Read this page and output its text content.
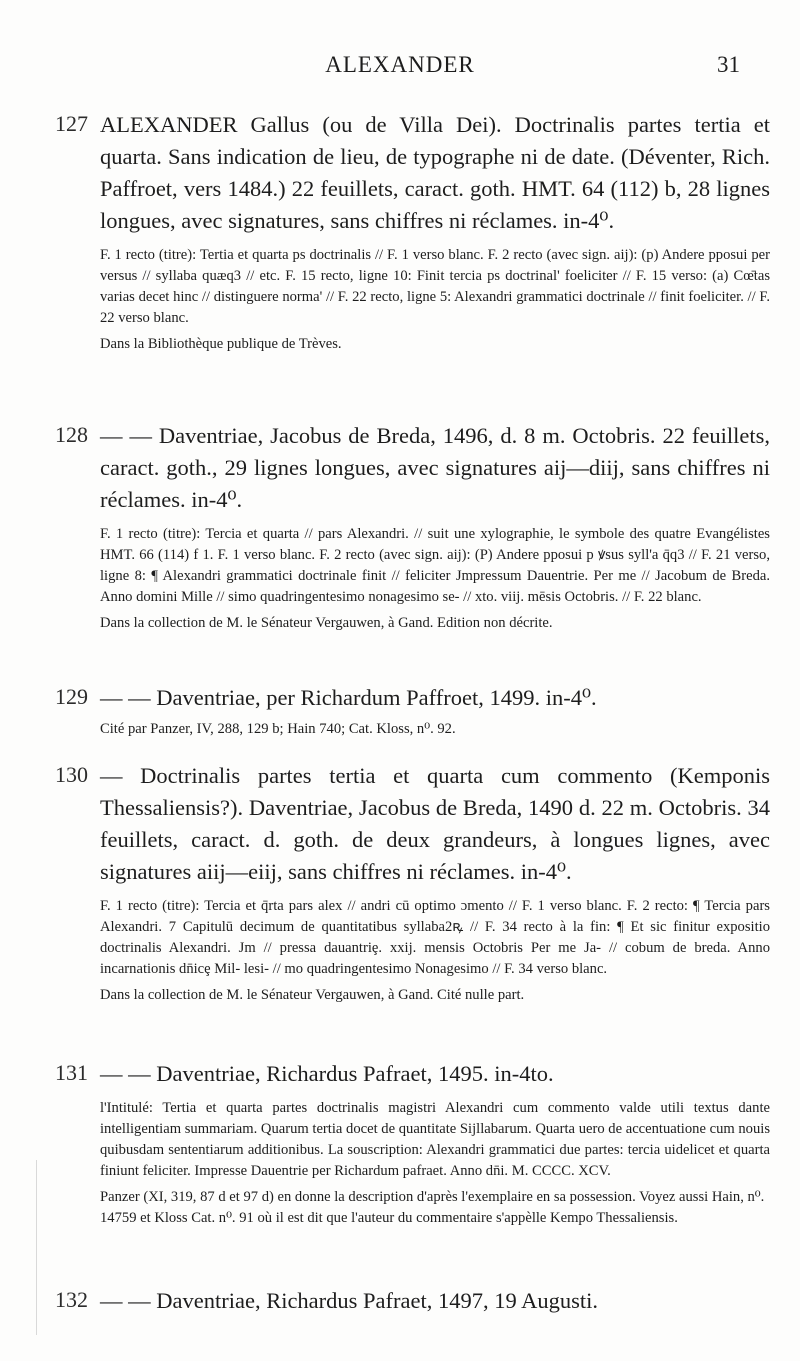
ALEXANDER	31
127 ALEXANDER Gallus (ou de Villa Dei). Doctrinalis partes tertia et quarta. Sans indication de lieu, de typographe ni de date. (Déventer, Rich. Paffroet, vers 1484.) 22 feuillets, caract. goth. HMT. 64 (112) b, 28 lignes longues, avec signatures, sans chiffres ni réclames. in-4⁰.

F. 1 recto (titre): Tertia et quarta ps doctrinalis // F. 1 verso blanc. F. 2 recto (avec sign. aij): (p) Andere pposui per versus // syllaba quæq3 // etc. F. 15 recto, ligne 10: Finit tercia ps doctrinal' foeliciter // F. 15 verso: (a) Cœ̄tas varias decet hinc // distinguere norma' // F. 22 recto, ligne 5: Alexandri grammatici doctrinale // finit foeliciter. // F. 22 verso blanc.

Dans la Bibliothèque publique de Trèves.

128 — — Daventriae, Jacobus de Breda, 1496, d. 8 m. Octobris. 22 feuillets, caract. goth., 29 lignes longues, avec signatures aij—diij, sans chiffres ni réclames. in-4⁰.

F. 1 recto (titre): Tercia et quarta // pars Alexandri. // suit une xylographie, le symbole des quatre Evangélistes HMT. 66 (114) f 1. F. 1 verso blanc. F. 2 recto (avec sign. aij): (P) Andere pposui p ꝟsus syll'a q̄q3 // F. 21 verso, ligne 8: ¶ Alexandri grammatici doctrinale finit // feliciter Jmpressum Dauentrie. Per me // Jacobum de Breda. Anno domini Mille // simo quadringentesimo nonagesimo se- // xto. viij. mēsis Octobris. // F. 22 blanc.

Dans la collection de M. le Sénateur Vergauwen, à Gand. Edition non décrite.

129 — — Daventriae, per Richardum Paffroet, 1499. in-4⁰.

Cité par Panzer, IV, 288, 129 b; Hain 740; Cat. Kloss, n⁰. 92.

130 — Doctrinalis partes tertia et quarta cum commento (Kemponis Thessaliensis?). Daventriae, Jacobus de Breda, 1490 d. 22 m. Octobris. 34 feuillets, caract. d. goth. de deux grandeurs, à longues lignes, avec signatures aiij—eiij, sans chiffres ni réclames. in-4⁰.

F. 1 recto (titre): Tercia et q̄rta pars alex // andri cū optimo ɔmento // F. 1 verso blanc. F. 2 recto: ¶ Tercia pars Alexandri. 7 Capitulū decimum de quantitatibus syllaba2ꝶ // F. 34 recto à la fin: ¶ Et sic finitur expositio doctrinalis Alexandri. Jm // pressa dauantriȩ. xxij. mensis Octobris Per me Ja- // cobum de breda. Anno incarnationis dn̄icȩ Mil- lesi- // mo quadringentesimo Nonagesimo // F. 34 verso blanc.

Dans la collection de M. le Sénateur Vergauwen, à Gand. Cité nulle part.

131 — — Daventriae, Richardus Pafraet, 1495. in-4to.

l'Intitulé: Tertia et quarta partes doctrinalis magistri Alexandri cum commento valde utili textus dante intelligentiam summariam. Quarum tertia docet de quantitate Sijllabarum. Quarta uero de accentuatione cum nouis quibusdam sententiarum additionibus. La souscription: Alexandri grammatici due partes: tercia uidelicet et quarta finiunt feliciter. Impresse Dauentrie per Richardum pafraet. Anno dn̄i. M. CCCC. XCV.

Panzer (XI, 319, 87 d et 97 d) en donne la description d'après l'exemplaire en sa possession. Voyez aussi Hain, n⁰. 14759 et Kloss Cat. n⁰. 91 où il est dit que l'auteur du commentaire s'appèlle Kempo Thessaliensis.

132 — — Daventriae, Richardus Pafraet, 1497, 19 Augusti.
